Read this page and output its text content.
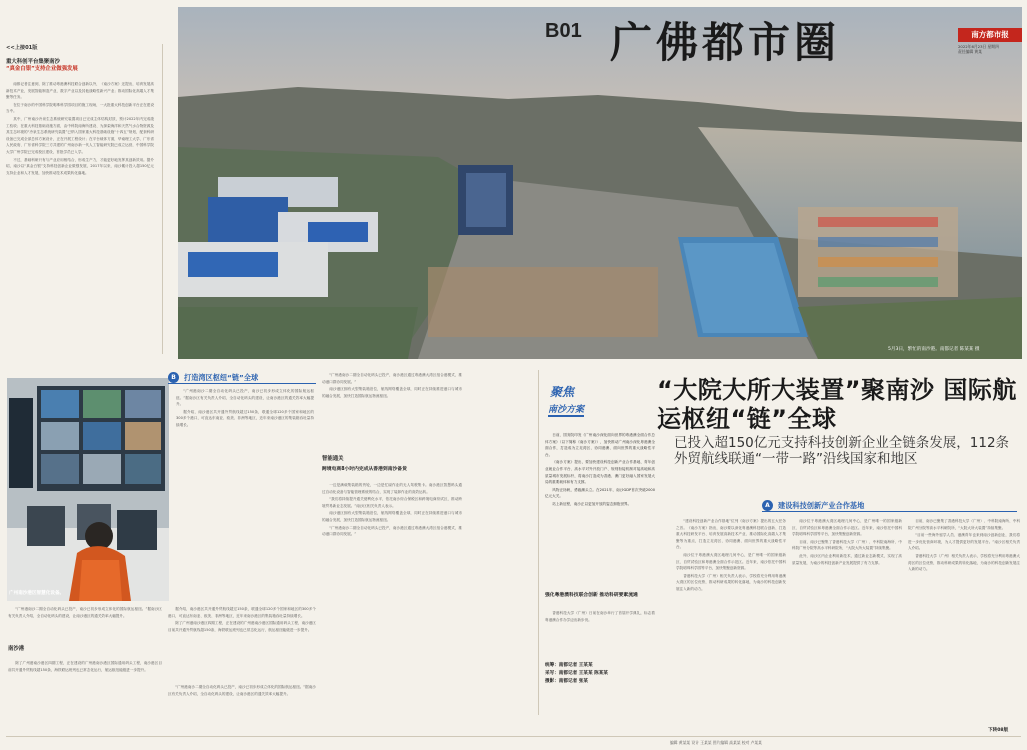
<<上接01版
重大科创平台集聚南沙
“真金白银”支持企业做强发展

南都记者注意到，除了推动粤港澳科技联合创新以外，《南沙方案》还提出，培育发展高新技术产业，发展智能制造产业，数字产业以及其他战略性新兴产业；推动国际化高端人才集聚等任务。

在位于南沙的中国科学院明珠科学园项目的施工现场，一大批重大科技创新平台正在建设当中。

其中，广州南沙冷泉生态系统研究装置项目已完成主体结构封顶，预计2022年内完成竣工验收；在重大科技基础设施方面，由中科院南海所建设、为探索海洋和天然气水合物资源及其生态环境的“冷泉生态系统研究装置”已纳入国家重大科技基础设施“十四五”规划，配套科研设备已完成全部总体方案设计，正在开展工程设计；在平台载体方面，华南理工大学、广东省人民政府、广东省科学院三方共建的广州南沙新一代人工智能研究院已成立运营，中国科学院大学广州学院已完成校区建设，首批学员已入学。

不过，基础科研只有与产业应用相结合，形成生产力，才能更好地发挥其创新效用。据介绍，南沙以“真金白银”支持科技创新企业做强发展，2017年以来，南沙累计投入超150亿元支持企业和人才发展，加快推动技术成果转化落地。

B01 广佛都市圈	南方都市报
2022年6月23日 星期四
责任编辑 黄某
5月3日，繁忙的南沙港。南都记者 陈某某 摄
广州南沙港区智慧化设备。
B	打造湾区枢纽“链”全球

“广州港南沙二期全自动化码头已投产，南沙已初步形成立体化的国际航运枢纽。”据南沙区有关负责人介绍，全自动化码头的建设，让南沙港区的通关效率大幅提升。

据介绍，南沙港区共开通外贸航线超过150条，联通全球120多个国家和地区的300多个港口，可直达东南亚、欧美、非洲等地区，近年来南沙港区的集装箱吞吐量持续增长。

“广州港南沙二期全自动化码头已投产，南沙已初步形成立体化的国际航运枢纽。”据南沙区有关负责人介绍，全自动化码头的建设，让南沙港区的通关效率大幅提升。

据介绍，南沙港区共开通外贸航线超过150条，联通全球120多个国家和地区的300多个港口，可直达东南亚、欧美、非洲等地区，近年来南沙港区的集装箱吞吐量持续增长。

除了广州港南沙港区四期工程，正在建设的广州港南沙港区国际通用码头工程，南沙港区目前共开通外贸航线超150条，海铁联运班列也已常态化运行，航运枢纽能级进一步提升。

南沙港

除了广州港南沙港区四期工程，正在建设的广州港南沙港区国际通用码头工程，南沙港区目前共开通外贸航线超150条，海铁联运班列也已常态化运行，航运枢纽能级进一步提升。

“广州港南沙二期全自动化码头已投产，南沙已初步形成立体化的国际航运枢纽。”据南沙区有关负责人介绍，全自动化码头的建设，让南沙港区的通关效率大幅提升。

“广州港南沙二期全自动化码头已投产，南沙港区通过粤港澳大湾区组合港模式，推动港口群协同发展。”

南沙港区拥有大型集装箱泊位，航线网络覆盖全球，同时正在持续推进港口与城市的融合发展，加快打造国际航运物流枢纽。

智能通关
跨境电商8小时内完成从香港到南沙备货

一边是满载集装箱的货轮，一边是忙碌作业的无人驾驶集卡。南沙港区智慧码头通过自动化设备与智能管理系统的结合，实现了装卸作业的高效运转。

“我们将持续提升通关便利化水平，依托南沙综合保税区和跨境电商综试区，推动跨境贸易新业态发展。”南沙区相关负责人表示。

南沙港区拥有大型集装箱泊位，航线网络覆盖全球，同时正在持续推进港口与城市的融合发展，加快打造国际航运物流枢纽。

“广州港南沙二期全自动化码头已投产，南沙港区通过粤港澳大湾区组合港模式，推动港口群协同发展。”

聚焦
南沙方案
“大院大所大装置”聚南沙 国际航运枢纽“链”全球
已投入超150亿元支持科技创新企业全链条发展，112条外贸航线联通“一带一路”沿线国家和地区

日前，国务院印发《广州南沙深化面向世界的粤港澳全面合作总体方案》（以下简称《南沙方案》），加快推动广州南沙深化粤港澳全面合作，打造成为立足湾区、协同港澳、面向世界的重大战略性平台。

《南沙方案》提出，要加快建设科技创新产业合作基地、青年创业就业合作平台、高水平对外开放门户、规则衔接机制对接高地和高质量城市发展标杆，将南沙打造成为香港、澳门更好融入国家发展大局的重要载体和有力支撑。

风物正扬帆，勇毅潮头立。在2021年，南沙GDP首次突破2000亿元大关。

站上新征程，南沙正以更加开放的姿态拥抱世界。

强化粤港澳科技联合创新 推动科研要素流通

香港科技大学（广州）日前在南沙举行了首届开学典礼，标志着粤港澳合作办学迈出新步伐。

统筹：南都记者 王某某
采写：南都记者 王某某 陈某某
摄影：南都记者 张某
A	建设科技创新产业合作基地

“建设科技创新产业合作基地”位列《南沙方案》提出的五大任务之首。《南沙方案》指出，南沙要以深化粤港澳科技联合创新、打造重大科技研发平台、培育发展高新技术产业、推动国际化高端人才集聚等为重点，打造立足湾区、协同港澳、面向世界的重大战略性平台。

南沙位于粤港澳大湾区地理几何中心，是广州唯一的国家级新区、自贸试验区和粤港澳全面合作示范区。近年来，南沙依托中国科学院明珠科学园等平台，加快集聚创新资源。

香港科技大学（广州）相关负责人表示，学校将充分利用粤港澳大湾区的区位优势，推动科研成果的转化落地，为南沙的科技创新发展注入新的动力。

南沙位于粤港澳大湾区地理几何中心，是广州唯一的国家级新区、自贸试验区和粤港澳全面合作示范区。近年来，南沙依托中国科学院明珠科学园等平台，加快集聚创新资源。

目前，南沙已聚集了香港科技大学（广州）、中科院南海所、中科院广州分院等高水平科研院所，“大院大所大装置”持续集聚。

此外，南沙区内企业利用新技术，通过新业态新模式，实现了高质量发展，为南沙的科技创新产业发展提供了有力支撑。

目前，南沙已聚集了香港科技大学（广州）、中科院南海所、中科院广州分院等高水平科研院所，“大院大所大装置”持续集聚。

“目前一些海外留学人员、港澳青年也来到南沙创新创业，我们将进一步优化营商环境，为人才提供更好的发展平台。”南沙区相关负责人介绍。

香港科技大学（广州）相关负责人表示，学校将充分利用粤港澳大湾区的区位优势，推动科研成果的转化落地，为南沙的科技创新发展注入新的动力。

下转08版
编辑 黄某某 设计 王某某 图片编辑 高某某 校对 卢某某
